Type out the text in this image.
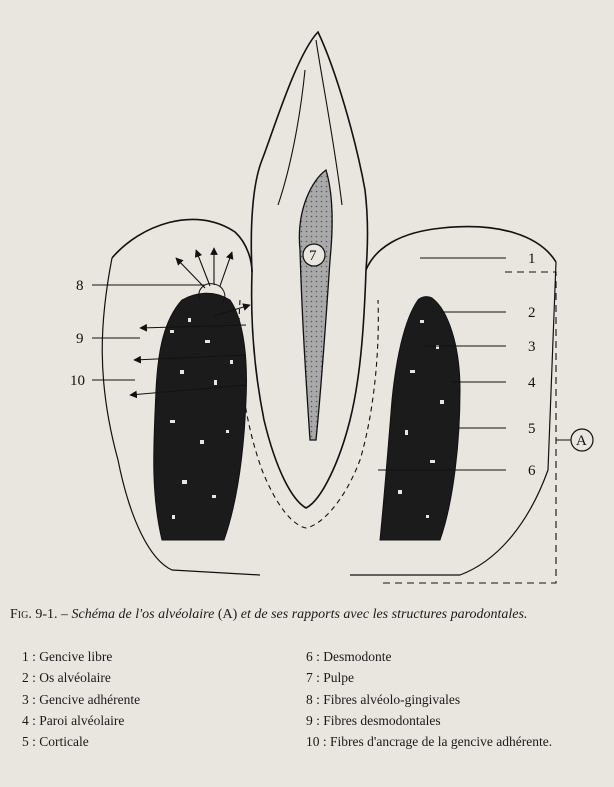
1
2
3
4
5
6
7
8
9
10
A

Fig. 9-1. – Schéma de l'os alvéolaire (A) et de ses rapports avec les structures parodontales.

1 : Gencive libre
2 : Os alvéolaire
3 : Gencive adhérente
4 : Paroi alvéolaire
5 : Corticale
6 : Desmodonte
7 : Pulpe
8 : Fibres alvéolo-gingivales
9 : Fibres desmodontales
10 : Fibres d'ancrage de la gencive adhérente.
